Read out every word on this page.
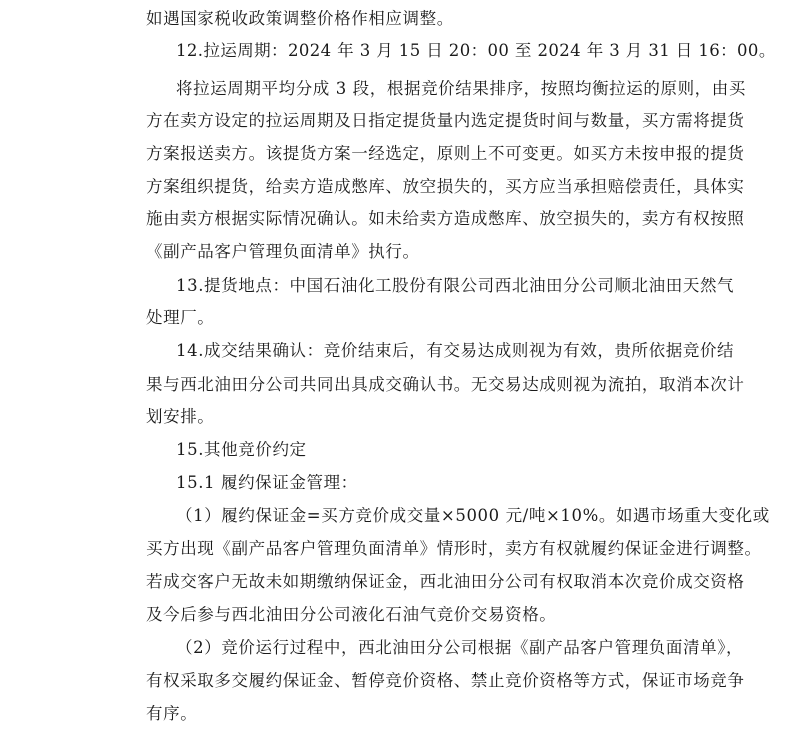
如遇国家税收政策调整价格作相应调整。
12.拉运周期：2024 年 3 月 15 日 20：00 至 2024 年 3 月 31 日 16：00。
将拉运周期平均分成 3 段，根据竞价结果排序，按照均衡拉运的原则，由买
方在卖方设定的拉运周期及日指定提货量内选定提货时间与数量，买方需将提货
方案报送卖方。该提货方案一经选定，原则上不可变更。如买方未按申报的提货
方案组织提货，给卖方造成憋库、放空损失的，买方应当承担赔偿责任，具体实
施由卖方根据实际情况确认。如未给卖方造成憋库、放空损失的，卖方有权按照
《副产品客户管理负面清单》执行。
13.提货地点：中国石油化工股份有限公司西北油田分公司顺北油田天然气
处理厂。
14.成交结果确认：竞价结束后，有交易达成则视为有效，贵所依据竞价结
果与西北油田分公司共同出具成交确认书。无交易达成则视为流拍，取消本次计
划安排。
15.其他竞价约定
15.1 履约保证金管理：
（1）履约保证金=买方竞价成交量×5000 元/吨×10%。如遇市场重大变化或
买方出现《副产品客户管理负面清单》情形时，卖方有权就履约保证金进行调整。
若成交客户无故未如期缴纳保证金，西北油田分公司有权取消本次竞价成交资格
及今后参与西北油田分公司液化石油气竞价交易资格。
（2）竞价运行过程中，西北油田分公司根据《副产品客户管理负面清单》，
有权采取多交履约保证金、暂停竞价资格、禁止竞价资格等方式，保证市场竞争
有序。
